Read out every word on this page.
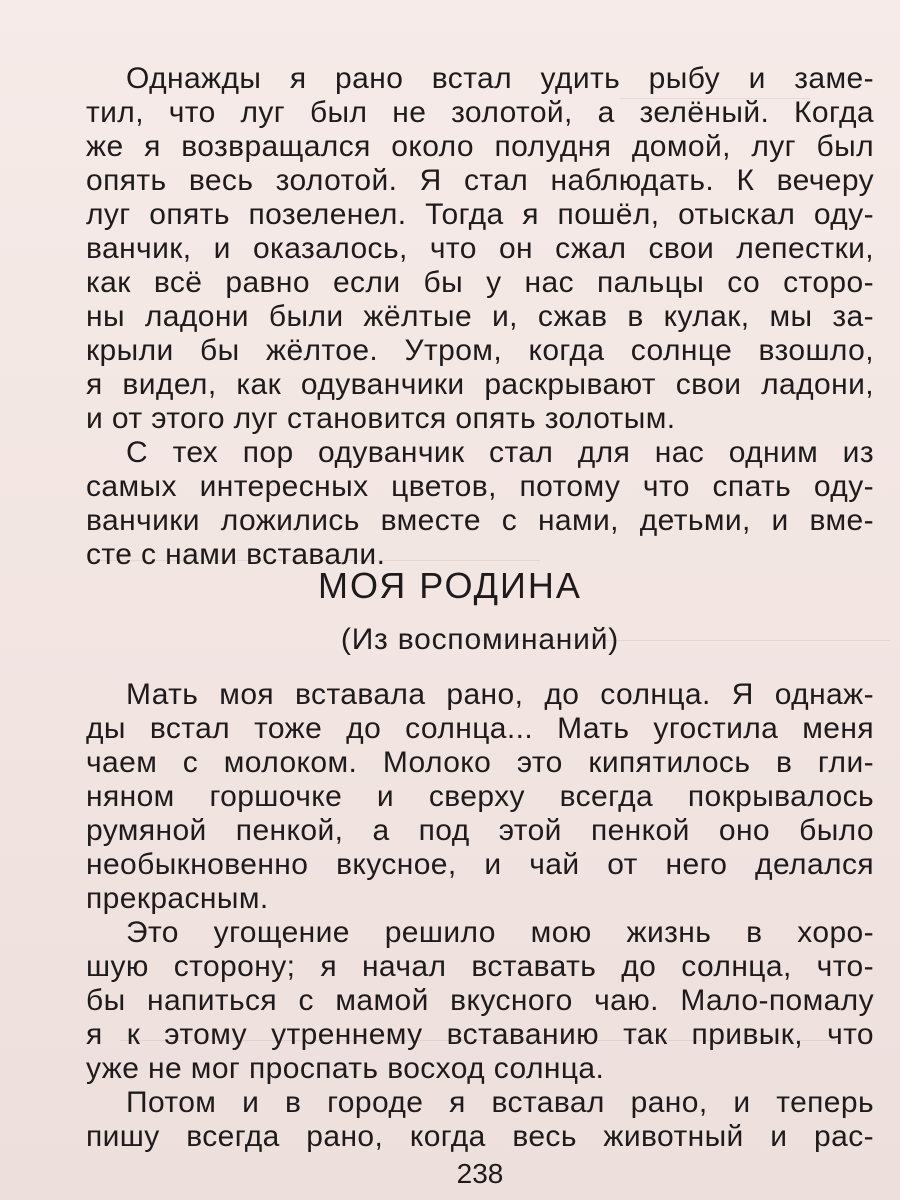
Однажды я рано встал удить рыбу и заме-
тил, что луг был не золотой, а зелёный. Когда
же я возвращался около полудня домой, луг был
опять весь золотой. Я стал наблюдать. К вечеру
луг опять позеленел. Тогда я пошёл, отыскал оду-
ванчик, и оказалось, что он сжал свои лепестки,
как всё равно если бы у нас пальцы со сторо-
ны ладони были жёлтые и, сжав в кулак, мы за-
крыли бы жёлтое. Утром, когда солнце взошло,
я видел, как одуванчики раскрывают свои ладони,
и от этого луг становится опять золотым.
С тех пор одуванчик стал для нас одним из
самых интересных цветов, потому что спать оду-
ванчики ложились вместе с нами, детьми, и вме-
сте с нами вставали.
МОЯ РОДИНА
(Из воспоминаний)
Мать моя вставала рано, до солнца. Я однаж-
ды встал тоже до солнца... Мать угостила меня
чаем с молоком. Молоко это кипятилось в гли-
няном горшочке и сверху всегда покрывалось
румяной пенкой, а под этой пенкой оно было
необыкновенно вкусное, и чай от него делался
прекрасным.
Это угощение решило мою жизнь в хоро-
шую сторону; я начал вставать до солнца, что-
бы напиться с мамой вкусного чаю. Мало-помалу
я к этому утреннему вставанию так привык, что
уже не мог проспать восход солнца.
Потом и в городе я вставал рано, и теперь
пишу всегда рано, когда весь животный и рас-
238
